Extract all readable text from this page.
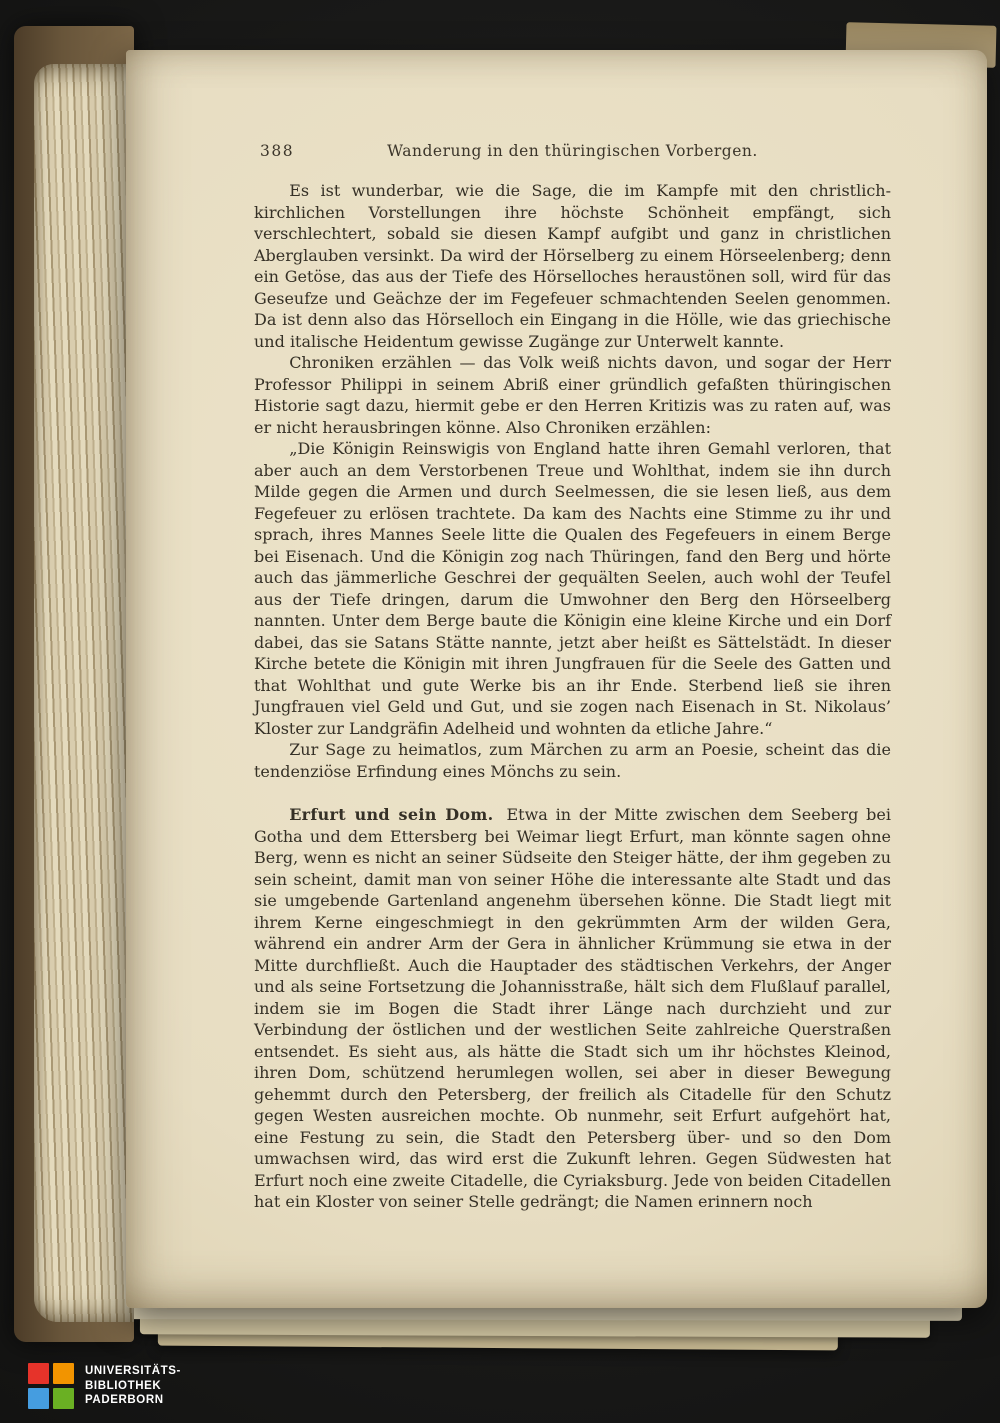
388	Wanderung in den thüringischen Vorbergen.

Es ist wunderbar, wie die Sage, die im Kampfe mit den christlich-kirchlichen Vorstellungen ihre höchste Schönheit empfängt, sich verschlechtert, sobald sie diesen Kampf aufgibt und ganz in christlichen Aberglauben versinkt. Da wird der Hörselberg zu einem Hörseelenberg; denn ein Getöse, das aus der Tiefe des Hörselloches heraustönen soll, wird für das Geseufze und Geächze der im Fegefeuer schmachtenden Seelen genommen. Da ist denn also das Hörselloch ein Eingang in die Hölle, wie das griechische und italische Heidentum gewisse Zugänge zur Unterwelt kannte.

Chroniken erzählen — das Volk weiß nichts davon, und sogar der Herr Professor Philippi in seinem Abriß einer gründlich gefaßten thüringischen Historie sagt dazu, hiermit gebe er den Herren Kritizis was zu raten auf, was er nicht herausbringen könne. Also Chroniken erzählen:

„Die Königin Reinswigis von England hatte ihren Gemahl verloren, that aber auch an dem Verstorbenen Treue und Wohlthat, indem sie ihn durch Milde gegen die Armen und durch Seelmessen, die sie lesen ließ, aus dem Fegefeuer zu erlösen trachtete. Da kam des Nachts eine Stimme zu ihr und sprach, ihres Mannes Seele litte die Qualen des Fegefeuers in einem Berge bei Eisenach. Und die Königin zog nach Thüringen, fand den Berg und hörte auch das jämmerliche Geschrei der gequälten Seelen, auch wohl der Teufel aus der Tiefe dringen, darum die Umwohner den Berg den Hörseelberg nannten. Unter dem Berge baute die Königin eine kleine Kirche und ein Dorf dabei, das sie Satans Stätte nannte, jetzt aber heißt es Sättelstädt. In dieser Kirche betete die Königin mit ihren Jungfrauen für die Seele des Gatten und that Wohlthat und gute Werke bis an ihr Ende. Sterbend ließ sie ihren Jungfrauen viel Geld und Gut, und sie zogen nach Eisenach in St. Nikolaus’ Kloster zur Landgräfin Adelheid und wohnten da etliche Jahre.“

Zur Sage zu heimatlos, zum Märchen zu arm an Poesie, scheint das die tendenziöse Erfindung eines Mönchs zu sein.

Erfurt und sein Dom. Etwa in der Mitte zwischen dem Seeberg bei Gotha und dem Ettersberg bei Weimar liegt Erfurt, man könnte sagen ohne Berg, wenn es nicht an seiner Südseite den Steiger hätte, der ihm gegeben zu sein scheint, damit man von seiner Höhe die interessante alte Stadt und das sie umgebende Gartenland angenehm übersehen könne. Die Stadt liegt mit ihrem Kerne eingeschmiegt in den gekrümmten Arm der wilden Gera, während ein andrer Arm der Gera in ähnlicher Krümmung sie etwa in der Mitte durchfließt. Auch die Hauptader des städtischen Verkehrs, der Anger und als seine Fortsetzung die Johannisstraße, hält sich dem Flußlauf parallel, indem sie im Bogen die Stadt ihrer Länge nach durchzieht und zur Verbindung der östlichen und der westlichen Seite zahlreiche Querstraßen entsendet. Es sieht aus, als hätte die Stadt sich um ihr höchstes Kleinod, ihren Dom, schützend herumlegen wollen, sei aber in dieser Bewegung gehemmt durch den Petersberg, der freilich als Citadelle für den Schutz gegen Westen ausreichen mochte. Ob nunmehr, seit Erfurt aufgehört hat, eine Festung zu sein, die Stadt den Petersberg über- und so den Dom umwachsen wird, das wird erst die Zukunft lehren. Gegen Südwesten hat Erfurt noch eine zweite Citadelle, die Cyriaksburg. Jede von beiden Citadellen hat ein Kloster von seiner Stelle gedrängt; die Namen erinnern noch

UNIVERSITÄTS-
BIBLIOTHEK
PADERBORN
